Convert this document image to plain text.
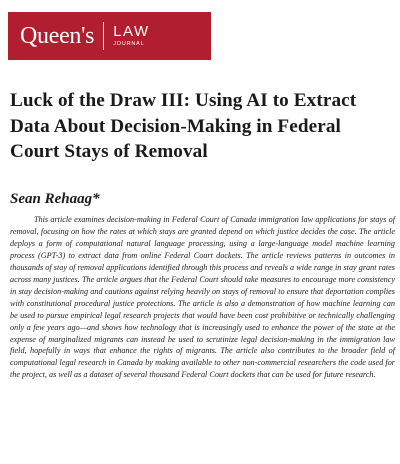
Queen's	LAW
JOURNAL
Luck of the Draw III: Using AI to Extract Data About Decision-Making in Federal Court Stays of Removal

Sean Rehaag*

This article examines decision-making in Federal Court of Canada immigration law applications for stays of removal, focusing on how the rates at which stays are granted depend on which justice decides the case. The article deploys a form of computational natural language processing, using a large-language model machine learning process (GPT-3) to extract data from online Federal Court dockets. The article reviews patterns in outcomes in thousands of stay of removal applications identified through this process and reveals a wide range in stay grant rates across many justices. The article argues that the Federal Court should take measures to encourage more consistency in stay decision-making and cautions against relying heavily on stays of removal to ensure that deportation complies with constitutional procedural justice protections. The article is also a demonstration of how machine learning can be used to pursue empirical legal research projects that would have been cost prohibitive or technically challenging only a few years ago—and shows how technology that is increasingly used to enhance the power of the state at the expense of marginalized migrants can instead be used to scrutinize legal decision-making in the immigration law field, hopefully in ways that enhance the rights of migrants. The article also contributes to the broader field of computational legal research in Canada by making available to other non-commercial researchers the code used for the project, as well as a dataset of several thousand Federal Court dockets that can be used for future research.
